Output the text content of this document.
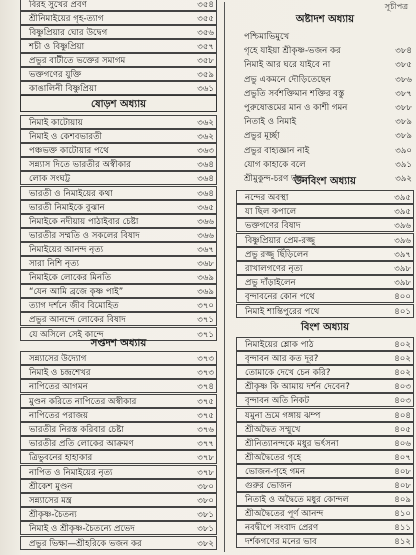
সূচীপত্র
বিরহ সুখের প্রবণ	৩৫৪
শ্রীনিমাইয়ের গৃহ-ত্যাগ	৩৫৫
বিষ্ণুপ্রিয়ার ঘোর উদ্বেগ	৩৫৬
শচী ও বিষ্ণুপ্রিয়া	৩৫৭
প্রভুর বাটীতে ভক্তের সমাগম	৩৫৮
ভক্তগণের যুক্তি	৩৫৯
কাঙালিনী বিষ্ণুপ্রিয়া	৩৬১
ষোড়শ অধ্যায়
নিমাই কাটোয়ায়	৩৬২
নিমাই ও কেশবভারতী	৩৬২
পঞ্চভক্ত কাটোয়ার পথে	৩৬৩
সন্ন্যাস দিতে ভারতীর অস্বীকার	৩৬৪
লোক সংঘট্ট	৩৬৪
ভারতী ও নিমাইয়ের কথা	৩৬৪
ভারতী নিমাইকে বুঝান	৩৬৫
নিমাইকে নদীয়ায় পাঠাইবার চেষ্টা	৩৬৬
ভারতীর সম্মতি ও সকলের বিষাদ	৩৬৬
নিমাইয়ের আনন্দ নৃত্য	৩৬৭
সারা নিশি নৃত্য	৩৬৮
নিমাইকে লোকের মিনতি	৩৬৯
“যেন আমি ব্রজে কৃষ্ণ পাই”	৩৬৯
ত্যাগ দর্শনে জীব বিমোহিত	৩৭০
প্রভুর আনন্দে লোকের বিষাদ	৩৭১
যে অসিলে সেই কান্দে	৩৭১
সপ্তদশ অধ্যায়
সন্ন্যাসের উদ্যোগ	৩৭৩
নিমাই ও চন্দ্রশেখর	৩৭৩
নাপিতের আগমন	৩৭৪
মুণ্ডন করিতে নাপিতের অস্বীকার	৩৭৫
নাপিতের পরাজয়	৩৭৫
ভারতীর নিরস্ত করিবার চেষ্টা	৩৭৬
ভারতীর প্রতি লোকের আক্রমণ	৩৭৭
ত্রিভুবনের হাহাকার	৩৭৮
নাপিত ও নিমাইয়ের নৃত্য	৩৭৮
শ্রীকেশ মুণ্ডন	৩৮০
সন্ন্যাসের মন্ত্র	৩৮০
শ্রীকৃষ্ণ-চৈতন্য	৩৮১
নিমাই ও শ্রীকৃষ্ণ-চৈতন্যে প্রভেদ	৩৮১
প্রভুর ভিক্ষা—শ্রীহরিকে ভজন কর	৩৮২
অষ্টাদশ অধ্যায়
পশ্চিমাভিমুখে
গৃহে যাইয়া শ্রীকৃষ্ণ-ভজন কর	৩৮৪
নিমাই আর ঘরে যাইবে না	৩৮৫
প্রভু একমনে দৌড়িতেছেন	৩৮৬
প্রভুতি সর্বশক্তিমান শক্তির বস্তু	৩৮৭
পুরুষোত্তমের মান ও কাশী গমন	৩৮৮
নিতাই ও নিমাই	৩৮৯
প্রভুর মূর্চ্ছা	৩৮৯
প্রভুর বাহ্যজ্ঞান নাই	৩৯০
যোগ কাহাকে বলে	৩৯১
শ্রীমুকুন্দ-চরণ ভজন	৩৯২
উনবিংশ অধ্যায়
নন্দের অবস্থা	৩৯৫
যা ছিল কপালে	৩৯৫
ভক্তগণের বিষাদ	৩৯৬
বিষ্ণুপ্রিয়ার প্রেম-রজ্জু	৩৯৬
প্রভু রজ্জু ছিঁড়িলেন	৩৯৭
রাখালগণের নৃত্য	৩৯৮
প্রভু দাঁড়াইলেন	৩৯৮
বৃন্দাবনের কোন পথে	৪০০
নিমাই শান্তিপুরের পথে	৪০১
বিংশ অধ্যায়
নিমাইয়ের শ্লোক পাঠ	৪০২
বৃন্দাবন আর কত দূর?	৪০২
তোমাকে দেখে চেন করি?	৪০২
শ্রীকৃষ্ণ কি আমায় দর্শন দেবেন?	৪০৩
বৃন্দাবন অতি নিকট	৪০৩
যমুনা ভ্রমে গঙ্গায় ঝম্প	৪০৪
শ্রীঅদ্বৈত সম্মুখে	৪০৫
শ্রীনিত্যানন্দকে মধুর ভর্ৎসনা	৪০৬
শ্রীঅদ্বৈতের গৃহে	৪০৭
ভোজন-গৃহে গমন	৪০৮
গুরুর ভোজন	৪০৮
নিতাই ও অদ্বৈতে মধুর কোন্দল	৪০৯
শ্রীঅদ্বৈতের পূর্ণ আনন্দ	৪১০
নবদ্বীপে সংবাদ প্রেরণ	৪১১
দর্শকগণের মনের ভাব	৪১২
